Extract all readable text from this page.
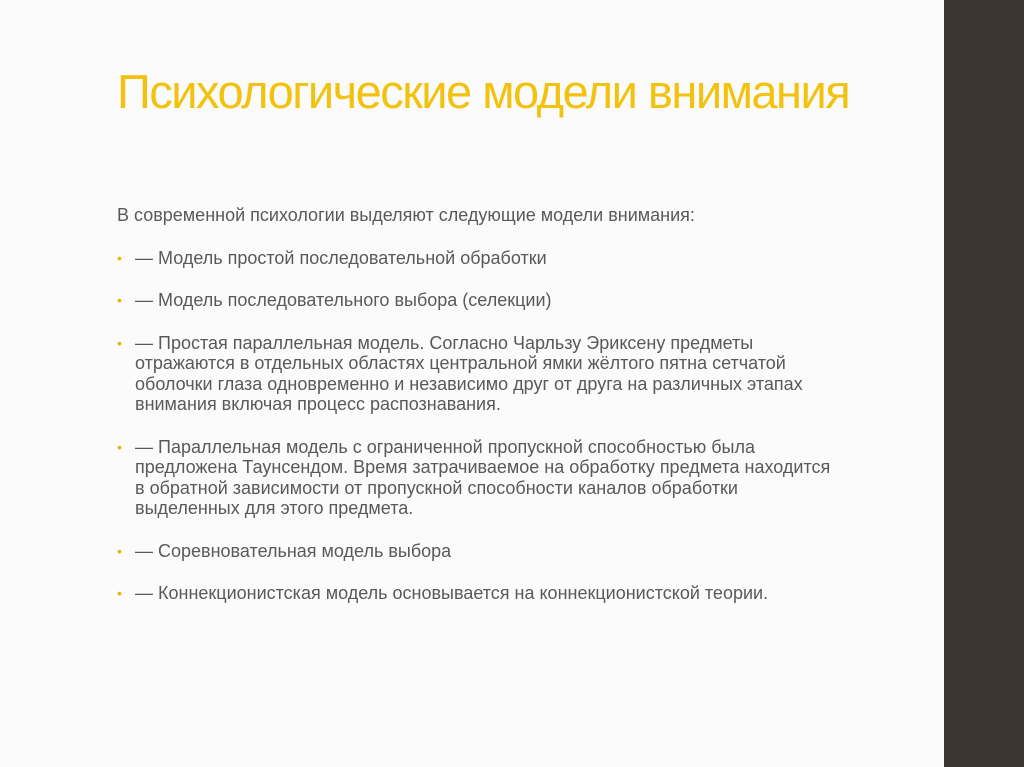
Психологические модели внимания

В современной психологии выделяют следующие модели внимания:

• — Модель простой последовательной обработки
• — Модель последовательного выбора (селекции)
• — Простая параллельная модель. Согласно Чарльзу Эриксену предметы отражаются в отдельных областях центральной ямки жёлтого пятна сетчатой оболочки глаза одновременно и независимо друг от друга на различных этапах внимания включая процесс распознавания.
• — Параллельная модель с ограниченной пропускной способностью была предложена Таунсендом. Время затрачиваемое на обработку предмета находится в обратной зависимости от пропускной способности каналов обработки выделенных для этого предмета.
• — Соревновательная модель выбора
• — Коннекционистская модель основывается на коннекционистской теории.
